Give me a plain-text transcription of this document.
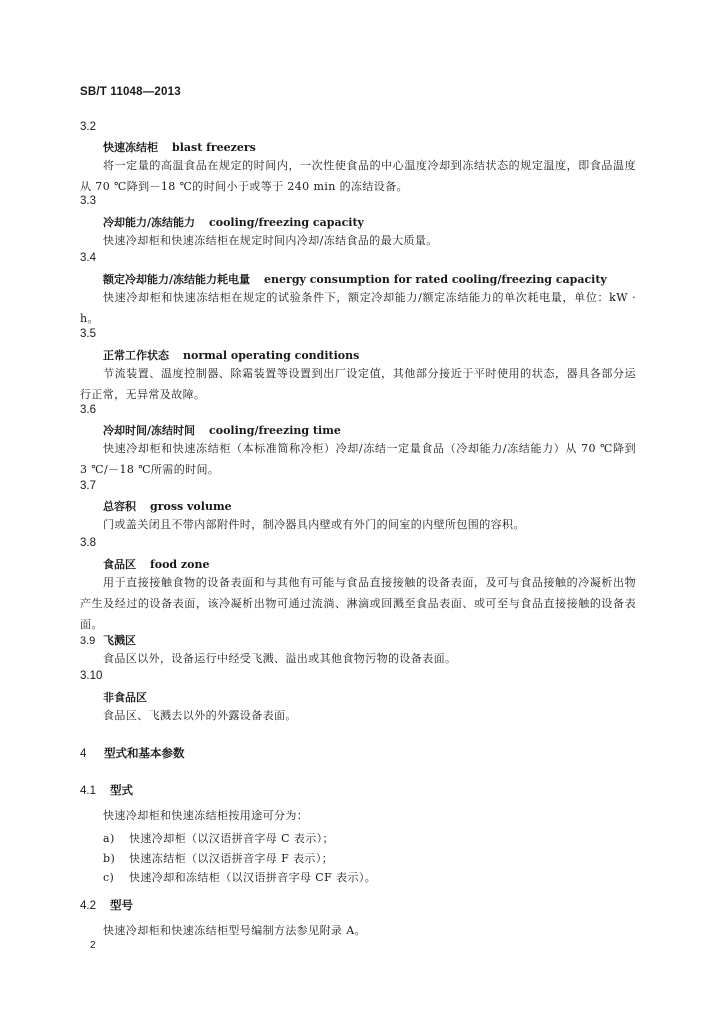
SB/T 11048—2013
3.2
快速冻结柜 blast freezers
将一定量的高温食品在规定的时间内，一次性使食品的中心温度冷却到冻结状态的规定温度，即食品温度从 70 ℃降到－18 ℃的时间小于或等于 240 min 的冻结设备。
3.3
冷却能力/冻结能力 cooling/freezing capacity
快速冷却柜和快速冻结柜在规定时间内冷却/冻结食品的最大质量。
3.4
额定冷却能力/冻结能力耗电量 energy consumption for rated cooling/freezing capacity
快速冷却柜和快速冻结柜在规定的试验条件下，额定冷却能力/额定冻结能力的单次耗电量，单位：kW · h。
3.5
正常工作状态 normal operating conditions
节流装置、温度控制器、除霜装置等设置到出厂设定值，其他部分接近于平时使用的状态，器具各部分运行正常，无异常及故障。
3.6
冷却时间/冻结时间 cooling/freezing time
快速冷却柜和快速冻结柜（本标准简称冷柜）冷却/冻结一定量食品（冷却能力/冻结能力）从 70 ℃降到 3 ℃/－18 ℃所需的时间。
3.7
总容积 gross volume
门或盖关闭且不带内部附件时，制冷器具内壁或有外门的间室的内壁所包围的容积。
3.8
食品区 food zone
用于直接接触食物的设备表面和与其他有可能与食品直接接触的设备表面，及可与食品接触的冷凝析出物产生及经过的设备表面，该冷凝析出物可通过流淌、淋滴或回溅至食品表面、或可至与食品直接接触的设备表面。
3.9 飞溅区
食品区以外，设备运行中经受飞溅、溢出或其他食物污物的设备表面。
3.10
非食品区
食品区、飞溅去以外的外露设备表面。
4 型式和基本参数
4.1 型式
快速冷却柜和快速冻结柜按用途可分为：
a) 快速冷却柜（以汉语拼音字母 C 表示）；
b) 快速冻结柜（以汉语拼音字母 F 表示）；
c) 快速冷却和冻结柜（以汉语拼音字母 CF 表示）。
4.2 型号
快速冷却柜和快速冻结柜型号编制方法参见附录 A。
2
